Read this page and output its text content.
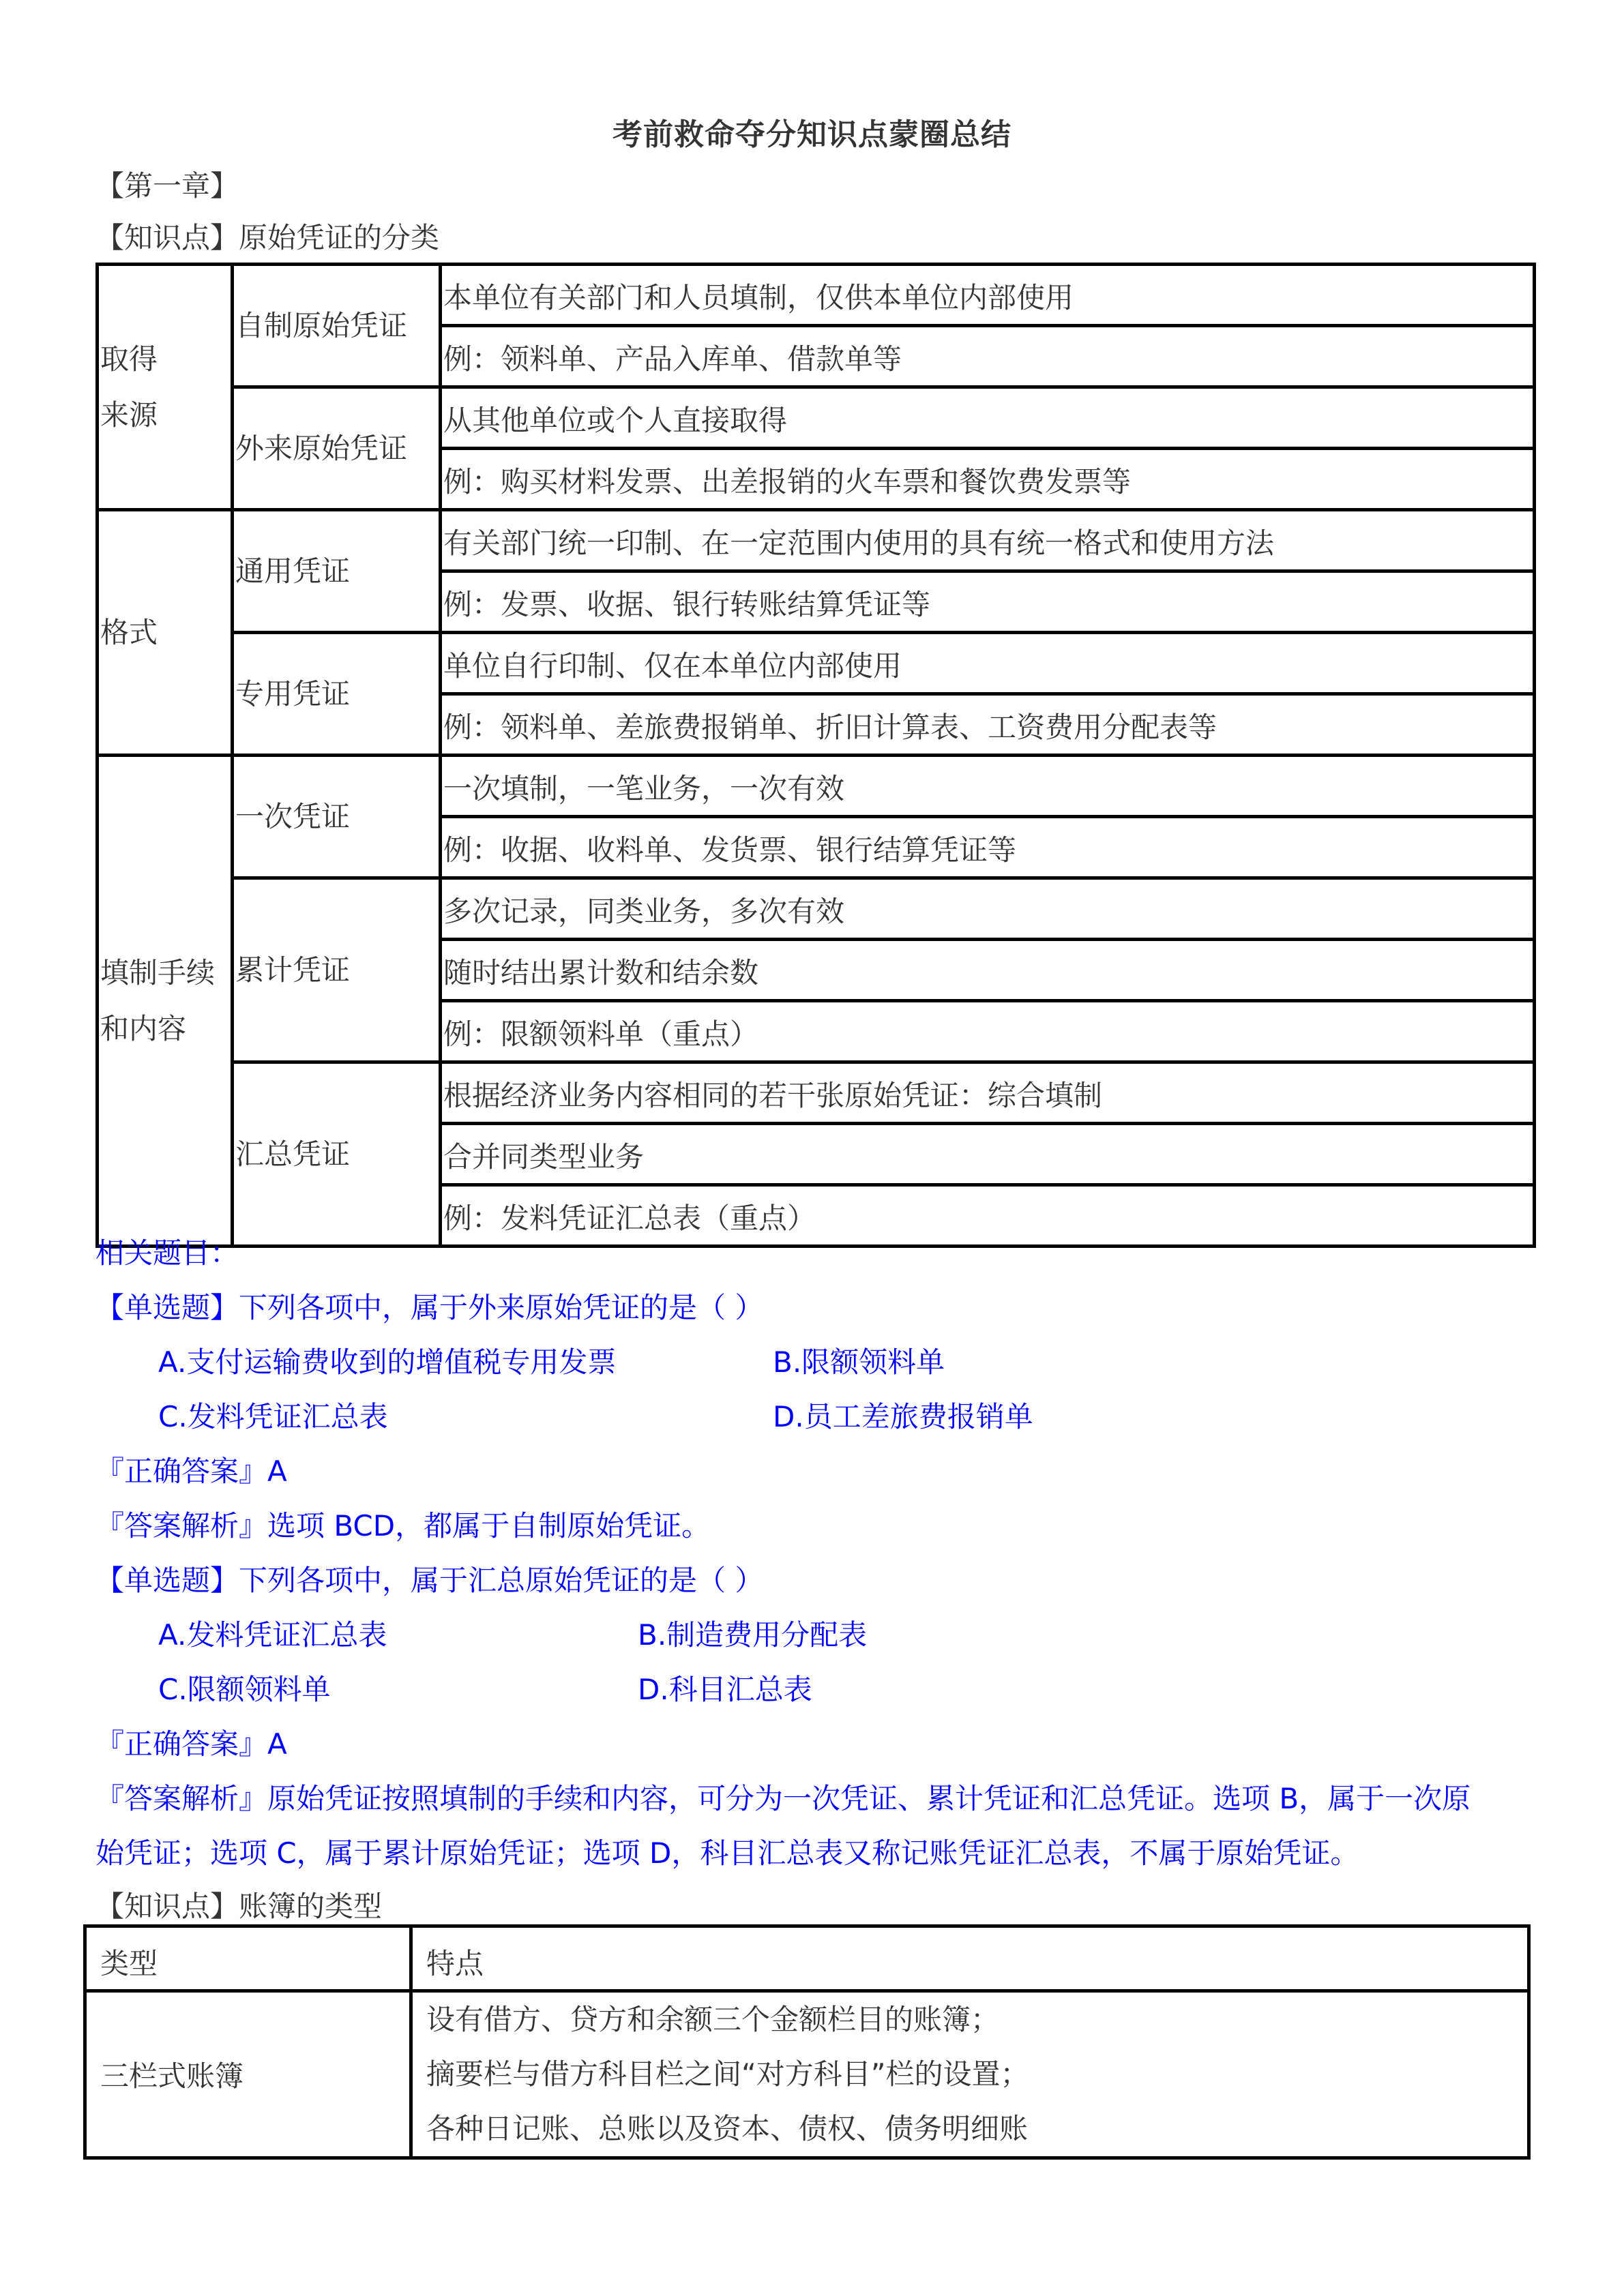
考前救命夺分知识点蒙圈总结
【第一章】
【知识点】原始凭证的分类
取得
来源	自制原始凭证	本单位有关部门和人员填制，仅供本单位内部使用
		例：领料单、产品入库单、借款单等
	外来原始凭证	从其他单位或个人直接取得
		例：购买材料发票、出差报销的火车票和餐饮费发票等

格式	通用凭证	有关部门统一印制、在一定范围内使用的具有统一格式和使用方法
		例：发票、收据、银行转账结算凭证等
	专用凭证	单位自行印制、仅在本单位内部使用
		例：领料单、差旅费报销单、折旧计算表、工资费用分配表等

填制手续
和内容	一次凭证	一次填制，一笔业务，一次有效
		例：收据、收料单、发货票、银行结算凭证等
	累计凭证	多次记录，同类业务，多次有效
		随时结出累计数和结余数
		例：限额领料单（重点）
	汇总凭证	根据经济业务内容相同的若干张原始凭证：综合填制
		合并同类型业务
		例：发料凭证汇总表（重点）
相关题目：
【单选题】下列各项中，属于外来原始凭证的是（ ）
A.支付运输费收到的增值税专用发票	B.限额领料单
C.发料凭证汇总表	D.员工差旅费报销单
『正确答案』A
『答案解析』选项 BCD，都属于自制原始凭证。
【单选题】下列各项中，属于汇总原始凭证的是（ ）
A.发料凭证汇总表	B.制造费用分配表
C.限额领料单	D.科目汇总表
『正确答案』A
『答案解析』原始凭证按照填制的手续和内容，可分为一次凭证、累计凭证和汇总凭证。选项 B，属于一次原
始凭证；选项 C，属于累计原始凭证；选项 D，科目汇总表又称记账凭证汇总表，不属于原始凭证。
【知识点】账簿的类型
类型	特点
三栏式账簿	设有借方、贷方和余额三个金额栏目的账簿；
摘要栏与借方科目栏之间“对方科目”栏的设置；
各种日记账、总账以及资本、债权、债务明细账
